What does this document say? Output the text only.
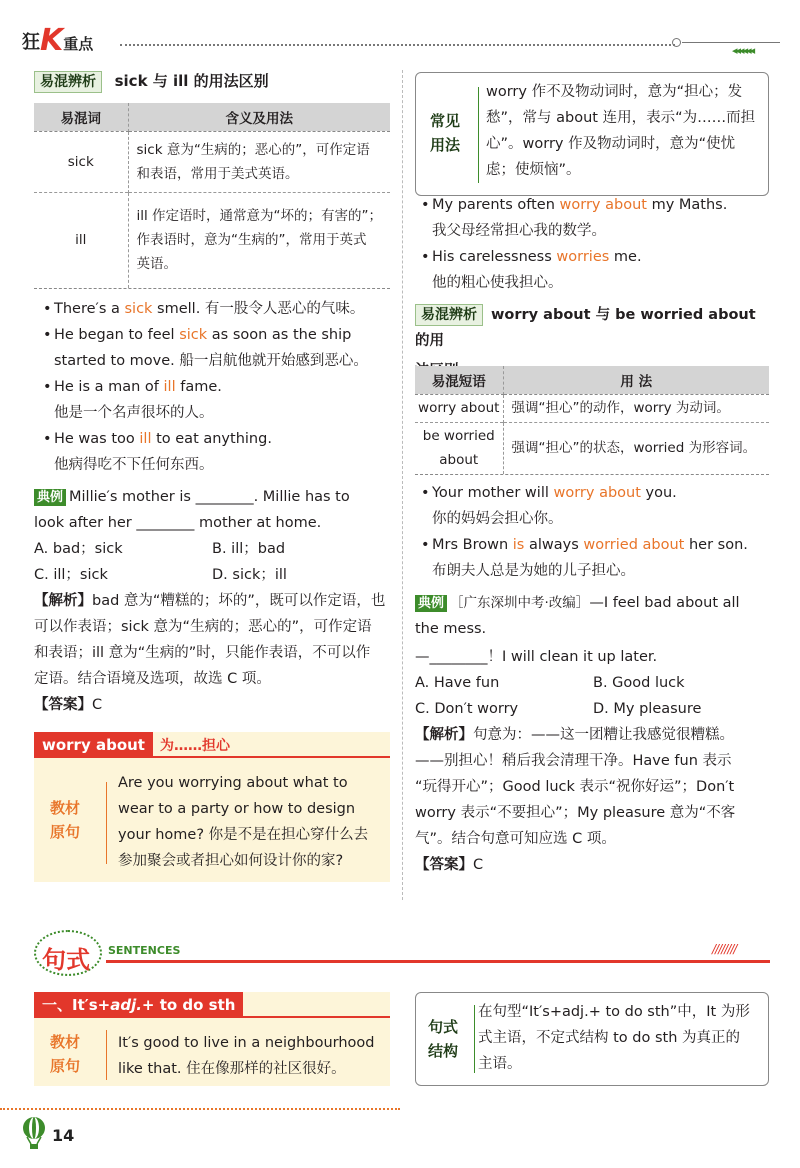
狂 K 重点	◂◂◂◂◂◂
易混辨析 sick 与 ill 的用法区别
易混词	含义及用法
sick	sick 意为“生病的；恶心的”，可作定语
和表语，常用于美式英语。

ill	ill 作定语时，通常意为“坏的；有害的”；
作表语时，意为“生病的”，常用于英式
英语。
• There′s a sick smell. 有一股令人恶心的气味。
• He began to feel sick as soon as the ship
started to move. 船一启航他就开始感到恶心。
• He is a man of ill fame.
他是一个名声很坏的人。
• He was too ill to eat anything.
他病得吃不下任何东西。
典例 Millie′s mother is ________. Millie has to
look after her ________ mother at home.
A. bad；sick	B. ill；bad
C. ill；sick	D. sick；ill
【解析】bad 意为“糟糕的；坏的”，既可以作定语，也
可以作表语；sick 意为“生病的；恶心的”，可作定语
和表语；ill 意为“生病的”时，只能作表语，不可以作
定语。结合语境及选项，故选 C 项。
【答案】C
worry about	为……担心
教材
原句
Are you worrying about what to
wear to a party or how to design
your home? 你是不是在担心穿什么去
参加聚会或者担心如何设计你的家?
常见
用法
worry 作不及物动词时，意为“担心；发
愁”，常与 about 连用，表示“为……而担
心”。worry 作及物动词时，意为“使忧
虑；使烦恼”。
• My parents often worry about my Maths.
我父母经常担心我的数学。
• His carelessness worries me.
他的粗心使我担心。
易混辨析 worry about 与 be worried about 的用
易混短语	用 法
worry about	强调“担心”的动作，worry 为动词。

be worried
about	强调“担心”的状态，worried 为形容词。
• Your mother will worry about you.
你的妈妈会担心你。
• Mrs Brown is always worried about her son.
布朗夫人总是为她的儿子担心。
典例 ［广东深圳中考·改编］—I feel bad about all
the mess.
—________！I will clean it up later.
A. Have fun	B. Good luck
C. Don′t worry	D. My pleasure
【解析】句意为：——这一团糟让我感觉很糟糕。
——别担心！稍后我会清理干净。Have fun 表示
“玩得开心”；Good luck 表示“祝你好运”；Don′t
worry 表示“不要担心”；My pleasure 意为“不客
气”。结合句意可知应选 C 项。
【答案】C
句式 SENTENCES	////////
一、It′s+adj.+ to do sth
教材
原句
It′s good to live in a neighbourhood
like that. 住在像那样的社区很好。
句式
结构
在句型“It′s+adj.+ to do sth”中，It 为形
式主语，不定式结构 to do sth 为真正的
主语。
14
